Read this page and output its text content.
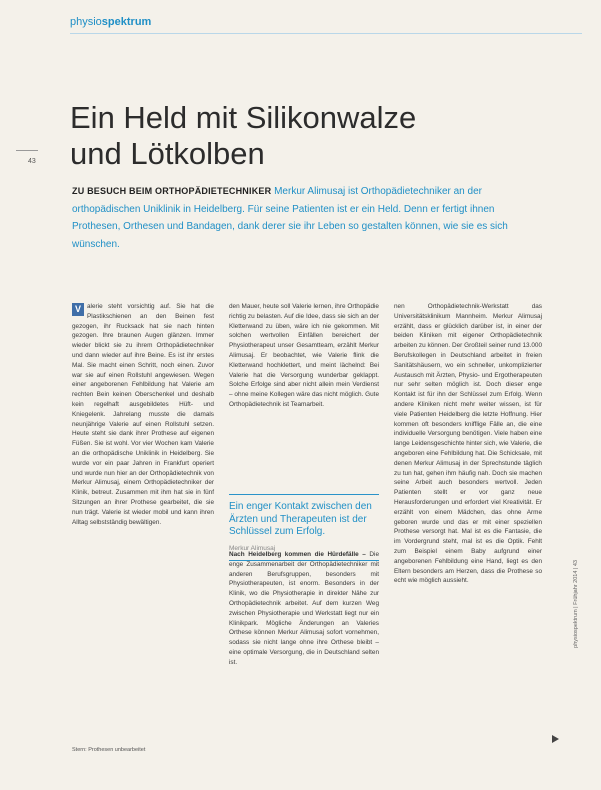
physiospektrum
43
Ein Held mit Silikonwalze
und Lötkolben
ZU BESUCH BEIM ORTHOPÄDIETECHNIKER Merkur Alimusaj ist Orthopädietechniker an der orthopädischen Uniklinik in Heidelberg. Für seine Patienten ist er ein Held. Denn er fertigt ihnen Prothesen, Orthesen und Bandagen, dank derer sie ihr Leben so gestalten können, wie sie es sich wünschen.
V alerie steht vorsichtig auf. Sie hat die Plastikschienen an den Beinen fest gezogen, ihr Rucksack hat sie nach hinten gezogen. Ihre braunen Augen glänzen. Immer wieder blickt sie zu ihrem Orthopädietechniker und dann wieder auf ihre Beine. Es ist ihr erstes Mal. Sie macht einen Schritt, noch einen. Zuvor war sie auf einen Rollstuhl angewiesen. Wegen einer angeborenen Fehlbildung hat Valerie am rechten Bein keinen Oberschenkel und deshalb kein regelhaft ausgebildetes Hüft- und Kniegelenk. Jahrelang musste die damals neunjährige Valerie auf einen Rollstuhl setzen. Heute steht sie dank ihrer Prothese auf eigenen Füßen. Sie ist wohl. Vor vier Wochen kam Valerie an die orthopädische Uniklinik in Heidelberg. Sie wurde vor ein paar Jahren in Frankfurt operiert und wurde nun hier an der Orthopädietechnik von Merkur Alimusaj, einem Orthopädietechniker der Klinik, betreut. Zusammen mit ihm hat sie in fünf Sitzungen an ihrer Prothese gearbeitet, die sie nun trägt. Valerie ist wieder mobil und kann ihren Alltag selbstständig bewältigen.

den Mauer, heute soll Valerie lernen, ihre Orthopädie richtig zu belasten. Auf die Idee, dass sie sich an der Kletterwand zu üben, wäre ich nie gekommen. Mit solchen wertvollen Einfällen bereichert der Physiotherapeut unser Gesamtteam, erzählt Merkur Alimusaj. Er beobachtet, wie Valerie flink die Kletterwand hochklettert, und meint lächelnd: Bei Valerie hat die Versorgung wunderbar geklappt. Solche Erfolge sind aber nicht allein mein Verdienst – ohne meine Kollegen wäre das nicht möglich. Gute Orthopädietechnik ist Teamarbeit.

Ein enger Kontakt zwischen den Ärzten und Therapeuten ist der Schlüssel zum Erfolg.
Merkur Alimusaj

Nach Heidelberg kommen die Hürdefälle – Die enge Zusammenarbeit der Orthopädietechniker mit anderen Berufsgruppen, besonders mit Physiotherapeuten, ist enorm. Besonders in der Klinik, wo die Physiotherapie in direkter Nähe zur Orthopädietechnik arbeitet. Auf dem kurzen Weg zwischen Physiotherapie und Werkstatt liegt nur ein Klinikpark. Mögliche Änderungen an Valeries Orthese können Merkur Alimusaj sofort vornehmen, sodass sie nicht lange ohne ihre Orthese bleibt – eine optimale Versorgung, die in Deutschland selten ist.

nen Orthopädietechnik-Werkstatt das Universitätsklinikum Mannheim. Merkur Alimusaj erzählt, dass er glücklich darüber ist, in einer der beiden Kliniken mit eigener Orthopädietechnik arbeiten zu können. Der Großteil seiner rund 13.000 Berufskollegen in Deutschland arbeitet in freien Sanitätshäusern, wo ein schneller, unkomplizierter Austausch mit Ärzten, Physio- und Ergotherapeuten nur sehr selten möglich ist. Doch dieser enge Kontakt ist für ihn der Schlüssel zum Erfolg. Wenn andere Kliniken nicht mehr weiter wissen, ist für viele Patienten Heidelberg die letzte Hoffnung. Hier kommen oft besonders knifflige Fälle an, die eine individuelle Versorgung benötigen. Viele haben eine lange Leidensgeschichte hinter sich, wie Valerie, die angeboren eine Fehlbildung hat. Die Schicksale, mit denen Merkur Alimusaj in der Sprechstunde täglich zu tun hat, gehen ihm häufig nah. Doch sie machen seine Arbeit auch besonders wertvoll. Jeden Patienten stellt er vor ganz neue Herausforderungen und erfordert viel Kreativität. Er erzählt von einem Mädchen, das ohne Arme geboren wurde und das er mit einer speziellen Prothese versorgt hat. Mal ist es die Fantasie, die im Vordergrund steht, mal ist es die Optik. Fehlt zum Beispiel einem Baby aufgrund einer angeborenen Fehlbildung eine Hand, liegt es den Eltern besonders am Herzen, dass die Prothese so echt wie möglich aussieht.

Stern: Prothesen unbearbeitet
physiospektrum | Frühjahr 2014 | 43
